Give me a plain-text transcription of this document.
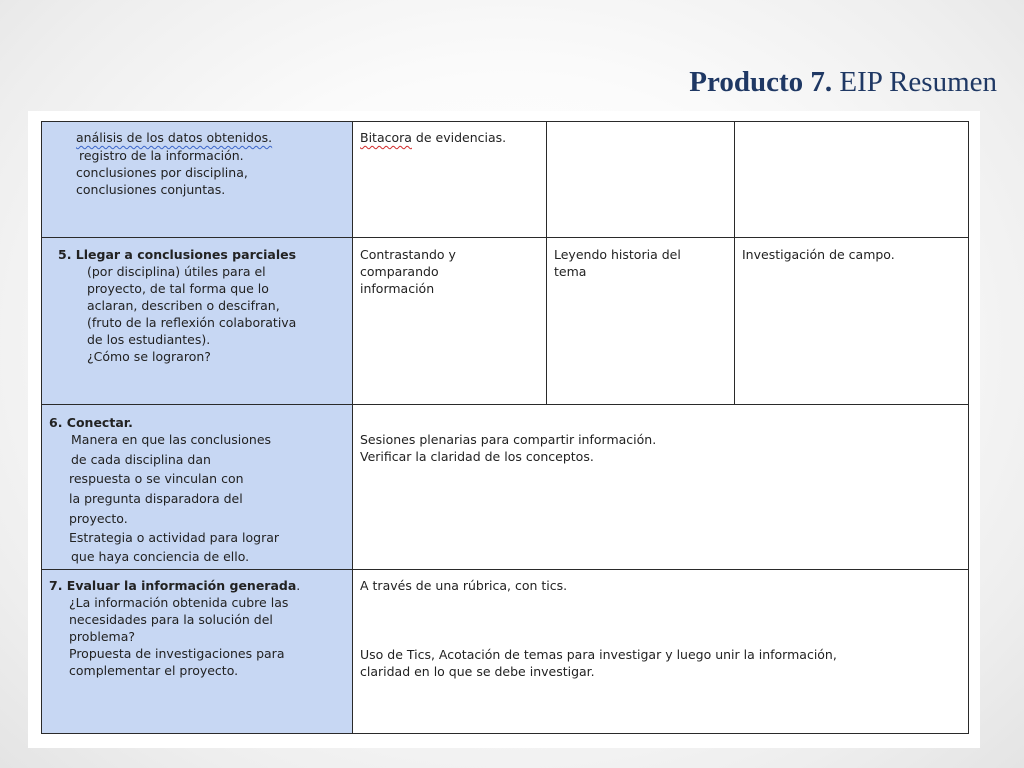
Producto 7. EIP Resumen
análisis de los datos obtenidos.
registro de la información.
conclusiones por disciplina,
conclusiones conjuntas.
Bitacora de evidencias.
5. Llegar a conclusiones parciales
(por disciplina) útiles para el
proyecto, de tal forma que lo
aclaran, describen o descifran,
(fruto de la reflexión colaborativa
de los estudiantes).
¿Cómo se lograron?
Contrastando y
comparando
información
Leyendo historia del
tema
Investigación de campo.
6. Conectar.
Manera en que las conclusiones
de cada disciplina dan
respuesta o se vinculan con
la pregunta disparadora del
proyecto.
Estrategia o actividad para lograr
que haya conciencia de ello.
Sesiones plenarias para compartir información.
Verificar la claridad de los conceptos.
7. Evaluar la información generada.
¿La información obtenida cubre las
necesidades para la solución del
problema?
Propuesta de investigaciones para
complementar el proyecto.
A través de una rúbrica, con tics.
Uso de Tics, Acotación de temas para investigar y luego unir la información,
claridad en lo que se debe investigar.
